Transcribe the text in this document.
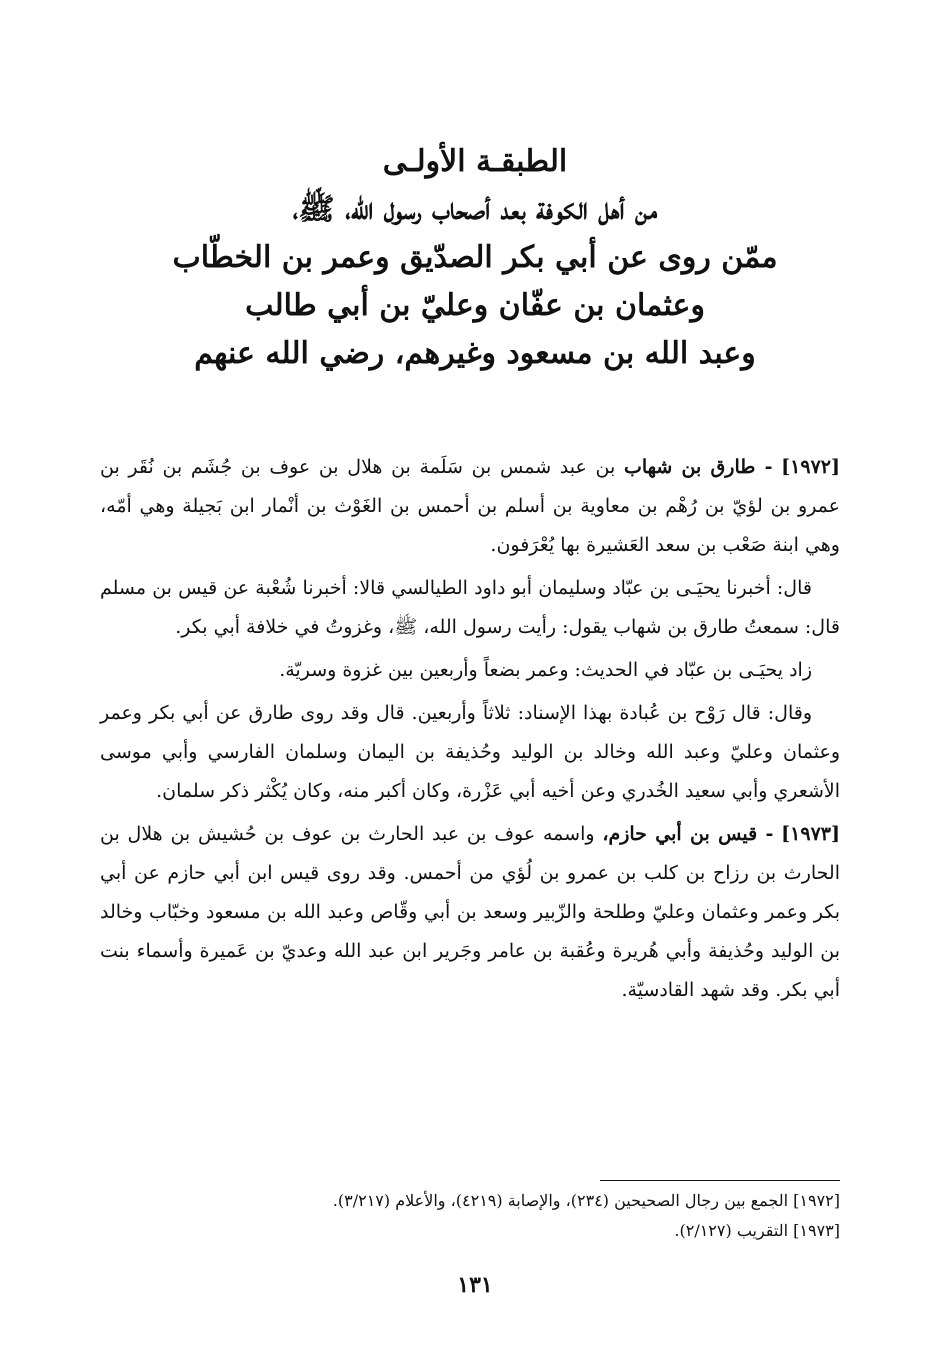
الطبقـة الأولـى
من أهل الكوفة بعد أصحاب رسول الله، ﷺ،
ممّن روى عن أبي بكر الصدّيق وعمر بن الخطّاب
وعثمان بن عفّان وعليّ بن أبي طالب
وعبد الله بن مسعود وغيرهم، رضي الله عنهم

[١٩٧٢] - طارق بن شهاب بن عبد شمس بن سَلَمة بن هلال بن عوف بن جُشَم بن نُقَر بن عمرو بن لؤيّ بن رُهْم بن معاوية بن أسلم بن أحمس بن الغَوْث بن أنْمار ابن بَجيلة وهي أمّه، وهي ابنة صَعْب بن سعد العَشيرة بها يُعْرَفون.

قال: أخبرنا يحيَـى بن عبّاد وسليمان أبو داود الطيالسي قالا: أخبرنا شُعْبة عن قيس بن مسلم قال: سمعتُ طارق بن شهاب يقول: رأيت رسول الله، ﷺ، وغزوتُ في خلافة أبي بكر.

زاد يحيَـى بن عبّاد في الحديث: وعمر بضعاً وأربعين بين غزوة وسريّة.

وقال: قال رَوْح بن عُبادة بهذا الإسناد: ثلاثاً وأربعين. قال وقد روى طارق عن أبي بكر وعمر وعثمان وعليّ وعبد الله وخالد بن الوليد وحُذيفة بن اليمان وسلمان الفارسي وأبي موسى الأشعري وأبي سعيد الخُدري وعن أخيه أبي عَزْرة، وكان أكبر منه، وكان يُكْثر ذكر سلمان.

[١٩٧٣] - قيس بن أبي حازم، واسمه عوف بن عبد الحارث بن عوف بن حُشيش بن هلال بن الحارث بن رزاح بن كلب بن عمرو بن لُؤي من أحمس. وقد روى قيس ابن أبي حازم عن أبي بكر وعمر وعثمان وعليّ وطلحة والزّبير وسعد بن أبي وقّاص وعبد الله بن مسعود وخبّاب وخالد بن الوليد وحُذيفة وأبي هُريرة وعُقبة بن عامر وجَرير ابن عبد الله وعديّ بن عَميرة وأسماء بنت أبي بكر. وقد شهد القادسيّة.

[١٩٧٢] الجمع بين رجال الصحيحين (٢٣٤)، والإصابة (٤٢١٩)، والأعلام (٣/٢١٧).
[١٩٧٣] التقريب (٢/١٢٧).
١٣١
